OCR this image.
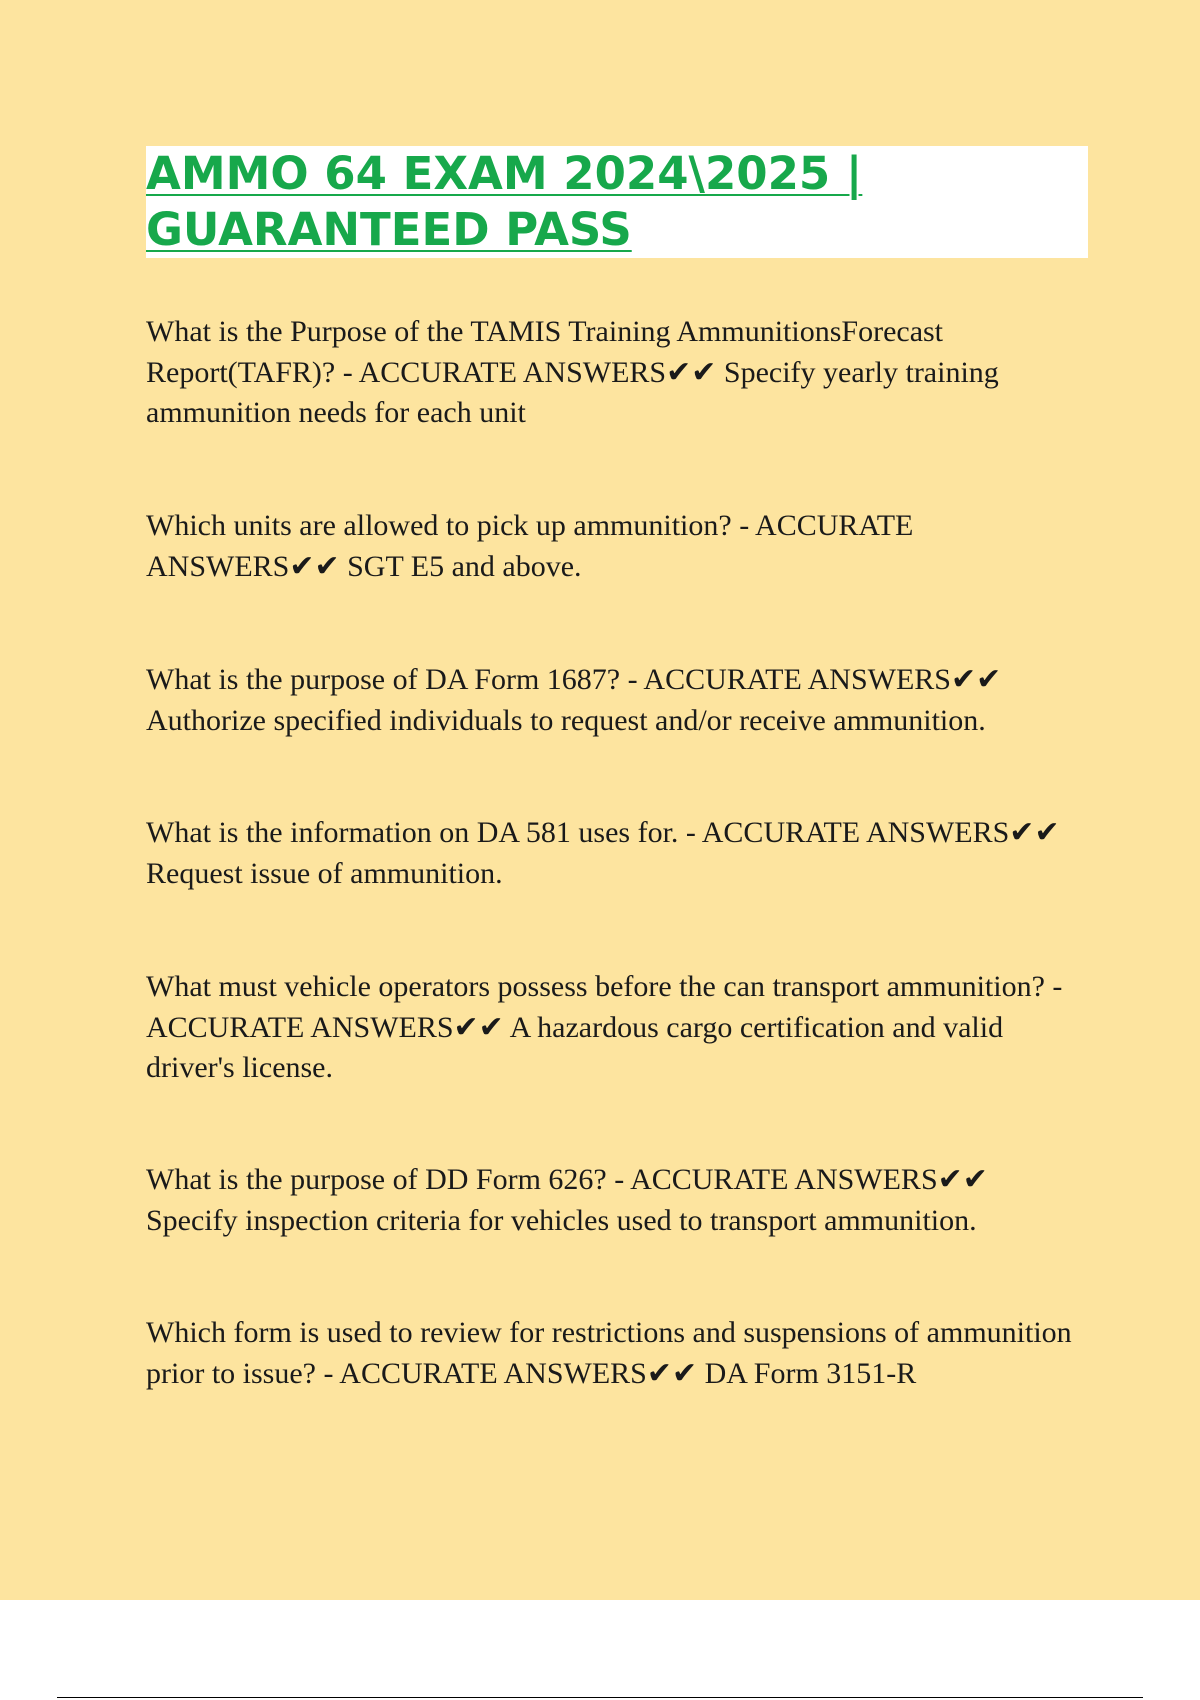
AMMO 64 EXAM 2024\2025 |
GUARANTEED PASS

What is the Purpose of the TAMIS Training AmmunitionsForecast Report(TAFR)? - ACCURATE ANSWERS✔✔ Specify yearly training ammunition needs for each unit

Which units are allowed to pick up ammunition? - ACCURATE ANSWERS✔✔ SGT E5 and above.

What is the purpose of DA Form 1687? - ACCURATE ANSWERS✔✔ Authorize specified individuals to request and/or receive ammunition.

What is the information on DA 581 uses for. - ACCURATE ANSWERS✔✔ Request issue of ammunition.

What must vehicle operators possess before the can transport ammunition? - ACCURATE ANSWERS✔✔ A hazardous cargo certification and valid driver's license.

What is the purpose of DD Form 626? - ACCURATE ANSWERS✔✔ Specify inspection criteria for vehicles used to transport ammunition.

Which form is used to review for restrictions and suspensions of ammunition prior to issue? - ACCURATE ANSWERS✔✔ DA Form 3151-R
